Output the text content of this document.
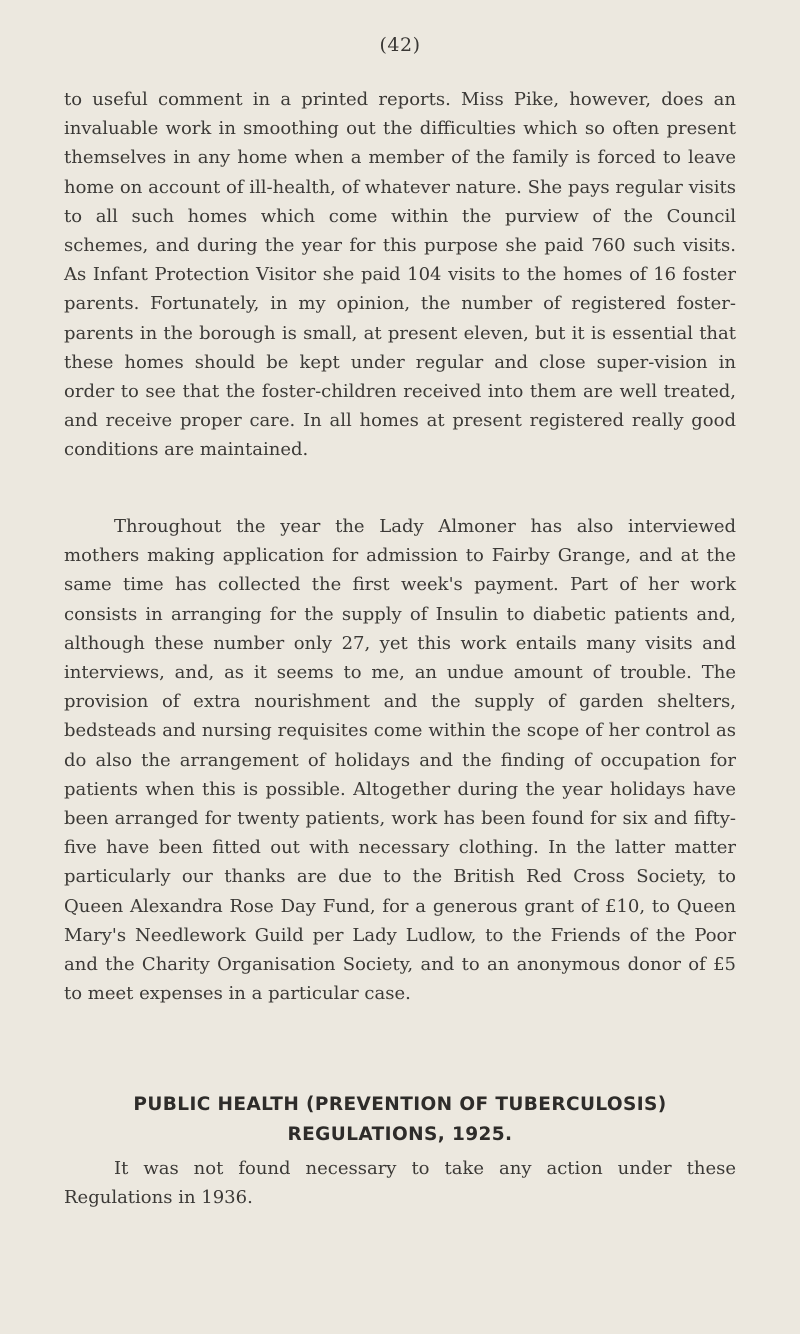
(42)

to useful comment in a printed reports. Miss Pike, however, does an invaluable work in smoothing out the difficulties which so often present themselves in any home when a member of the family is forced to leave home on account of ill-health, of whatever nature. She pays regular visits to all such homes which come within the purview of the Council schemes, and during the year for this purpose she paid 760 such visits. As Infant Protection Visitor she paid 104 visits to the homes of 16 foster parents. Fortunately, in my opinion, the number of registered foster-parents in the borough is small, at present eleven, but it is essential that these homes should be kept under regular and close super-vision in order to see that the foster-children received into them are well treated, and receive proper care. In all homes at present registered really good conditions are maintained.

Throughout the year the Lady Almoner has also interviewed mothers making application for admission to Fairby Grange, and at the same time has collected the first week's payment. Part of her work consists in arranging for the supply of Insulin to diabetic patients and, although these number only 27, yet this work entails many visits and interviews, and, as it seems to me, an undue amount of trouble. The provision of extra nourishment and the supply of garden shelters, bedsteads and nursing requisites come within the scope of her control as do also the arrangement of holidays and the finding of occupation for patients when this is possible. Altogether during the year holidays have been arranged for twenty patients, work has been found for six and fifty-five have been fitted out with necessary clothing. In the latter matter particularly our thanks are due to the British Red Cross Society, to Queen Alexandra Rose Day Fund, for a generous grant of £10, to Queen Mary's Needlework Guild per Lady Ludlow, to the Friends of the Poor and the Charity Organisation Society, and to an anonymous donor of £5 to meet expenses in a particular case.

PUBLIC HEALTH (PREVENTION OF TUBERCULOSIS)
REGULATIONS, 1925.

It was not found necessary to take any action under these Regulations in 1936.
